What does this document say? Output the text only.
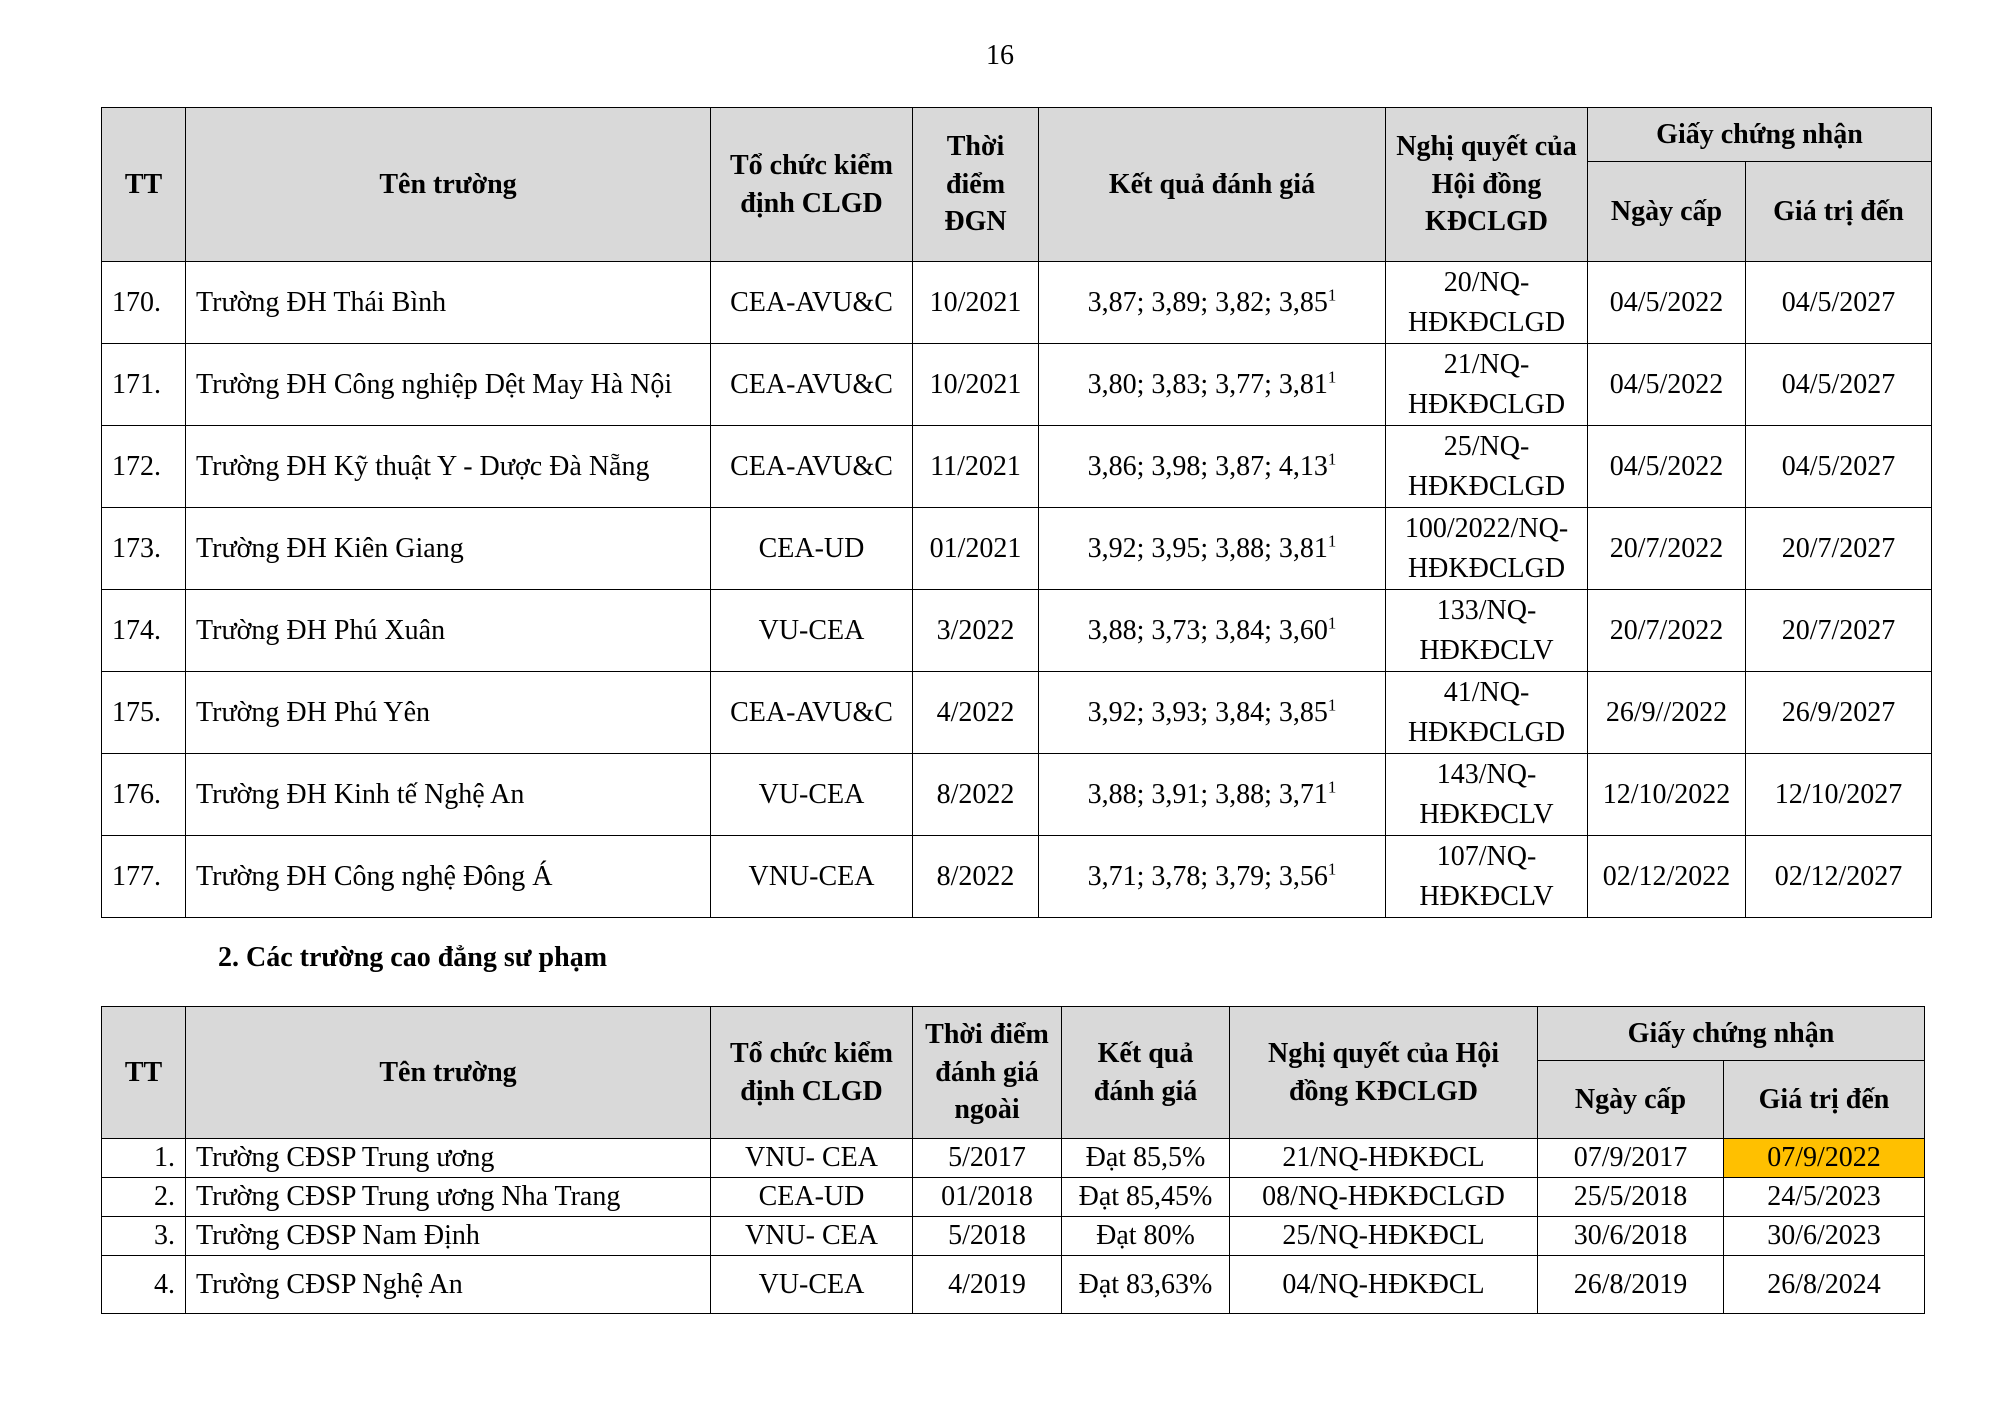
16
TT	Tên trường	Tổ chức kiểm định CLGD	Thời điểm ĐGN	Kết quả đánh giá	Nghị quyết của Hội đồng KĐCLGD	Giấy chứng nhận	
						Ngày cấp	Giá trị đến
170.	Trường ĐH Thái Bình	CEA-AVU&C	10/2021	3,87; 3,89; 3,82; 3,85$^1$	20/NQ-HĐKĐCLGD	04/5/2022	04/5/2027
171.	Trường ĐH Công nghiệp Dệt May Hà Nội	CEA-AVU&C	10/2021	3,80; 3,83; 3,77; 3,81$^1$	21/NQ-HĐKĐCLGD	04/5/2022	04/5/2027
172.	Trường ĐH Kỹ thuật Y - Dược Đà Nẵng	CEA-AVU&C	11/2021	3,86; 3,98; 3,87; 4,13$^1$	25/NQ-HĐKĐCLGD	04/5/2022	04/5/2027
173.	Trường ĐH Kiên Giang	CEA-UD	01/2021	3,92; 3,95; 3,88; 3,81$^1$	100/2022/NQ-HĐKĐCLGD	20/7/2022	20/7/2027
174.	Trường ĐH Phú Xuân	VU-CEA	3/2022	3,88; 3,73; 3,84; 3,60$^1$	133/NQ-HĐKĐCLV	20/7/2022	20/7/2027
175.	Trường ĐH Phú Yên	CEA-AVU&C	4/2022	3,92; 3,93; 3,84; 3,85$^1$	41/NQ-HĐKĐCLGD	26/9//2022	26/9/2027
176.	Trường ĐH Kinh tế Nghệ An	VU-CEA	8/2022	3,88; 3,91; 3,88; 3,71$^1$	143/NQ-HĐKĐCLV	12/10/2022	12/10/2027
177.	Trường ĐH Công nghệ Đông Á	VNU-CEA	8/2022	3,71; 3,78; 3,79; 3,56$^1$	107/NQ-HĐKĐCLV	02/12/2022	02/12/2027
2. Các trường cao đẳng sư phạm
TT	Tên trường	Tổ chức kiểm định CLGD	Thời điểm đánh giá ngoài	Kết quả đánh giá	Nghị quyết của Hội đồng KĐCLGD	Giấy chứng nhận	
						Ngày cấp	Giá trị đến
1.	Trường CĐSP Trung ương	VNU- CEA	5/2017	Đạt 85,5%	21/NQ-HĐKĐCL	07/9/2017	07/9/2022
2.	Trường CĐSP Trung ương Nha Trang	CEA-UD	01/2018	Đạt 85,45%	08/NQ-HĐKĐCLGD	25/5/2018	24/5/2023
3.	Trường CĐSP Nam Định	VNU- CEA	5/2018	Đạt 80%	25/NQ-HĐKĐCL	30/6/2018	30/6/2023
4.	Trường CĐSP Nghệ An	VU-CEA	4/2019	Đạt 83,63%	04/NQ-HĐKĐCL	26/8/2019	26/8/2024
